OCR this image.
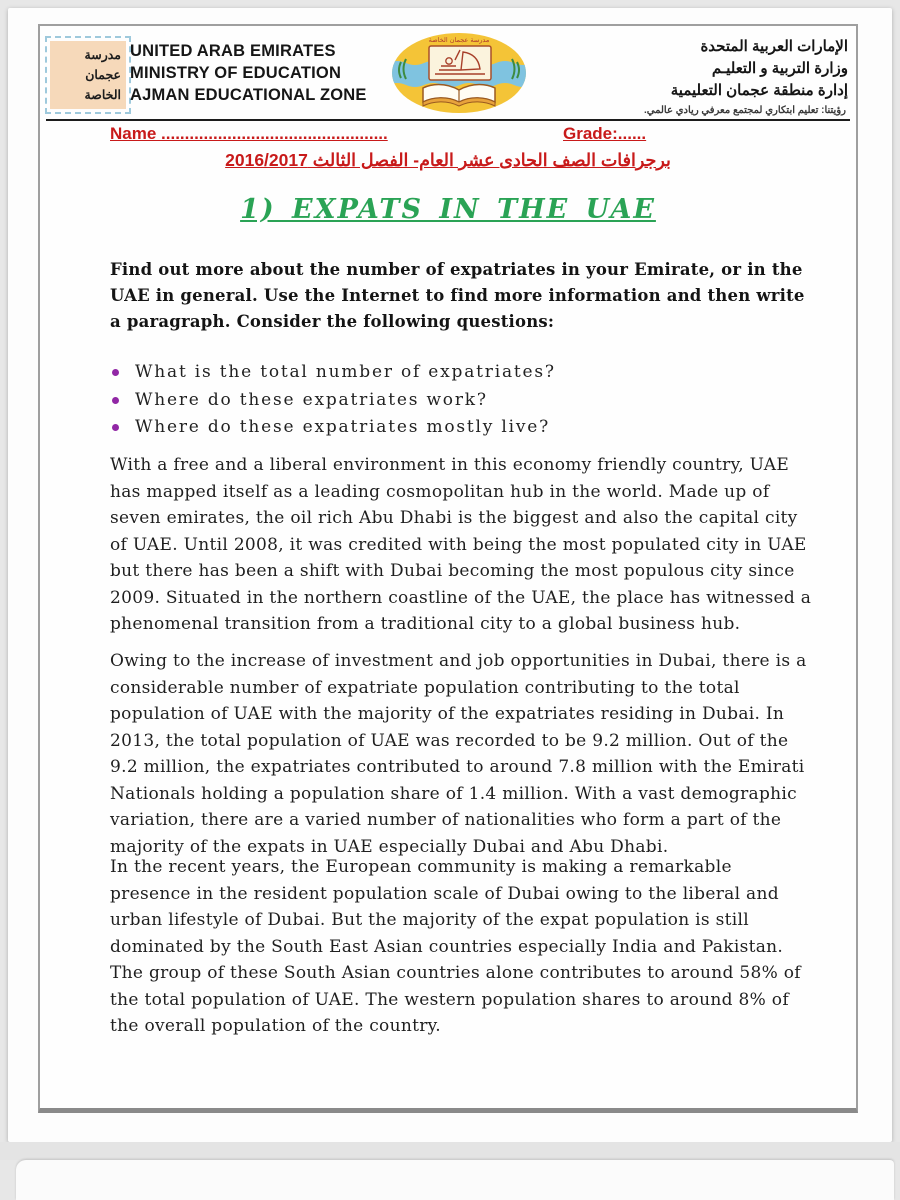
مدرسة
عجمان
الخاصة
UNITED ARAB EMIRATES
MINISTRY OF EDUCATION
AJMAN EDUCATIONAL ZONE
مدرسة عجمان الخاصة	الإمارات العربية المتحدة
وزارة التربية و التعليـم
إدارة منطقة عجمان التعليمية
رؤيتنا: تعليم ابتكاري لمجتمع معرفي ريادي عالمي.
Name ................................................	Grade:......
برجرافات الصف الحادى عشر العام- الفصل الثالث 2016/2017
1) EXPATS IN THE UAE
Find out more about the number of expatriates in your Emirate, or in the UAE in general. Use the Internet to find more information and then write a paragraph. Consider the following questions:
What is the total number of expatriates?
Where do these expatriates work?
Where do these expatriates mostly live?
With a free and a liberal environment in this economy friendly country, UAE has mapped itself as a leading cosmopolitan hub in the world. Made up of seven emirates, the oil rich Abu Dhabi is the biggest and also the capital city of UAE. Until 2008, it was credited with being the most populated city in UAE but there has been a shift with Dubai becoming the most populous city since 2009. Situated in the northern coastline of the UAE, the place has witnessed a phenomenal transition from a traditional city to a global business hub.
Owing to the increase of investment and job opportunities in Dubai, there is a considerable number of expatriate population contributing to the total population of UAE with the majority of the expatriates residing in Dubai. In 2013, the total population of UAE was recorded to be 9.2 million. Out of the 9.2 million, the expatriates contributed to around 7.8 million with the Emirati Nationals holding a population share of 1.4 million. With a vast demographic variation, there are a varied number of nationalities who form a part of the majority of the expats in UAE especially Dubai and Abu Dhabi.
In the recent years, the European community is making a remarkable presence in the resident population scale of Dubai owing to the liberal and urban lifestyle of Dubai. But the majority of the expat population is still dominated by the South East Asian countries especially India and Pakistan. The group of these South Asian countries alone contributes to around 58% of the total population of UAE. The western population shares to around 8% of the overall population of the country.
